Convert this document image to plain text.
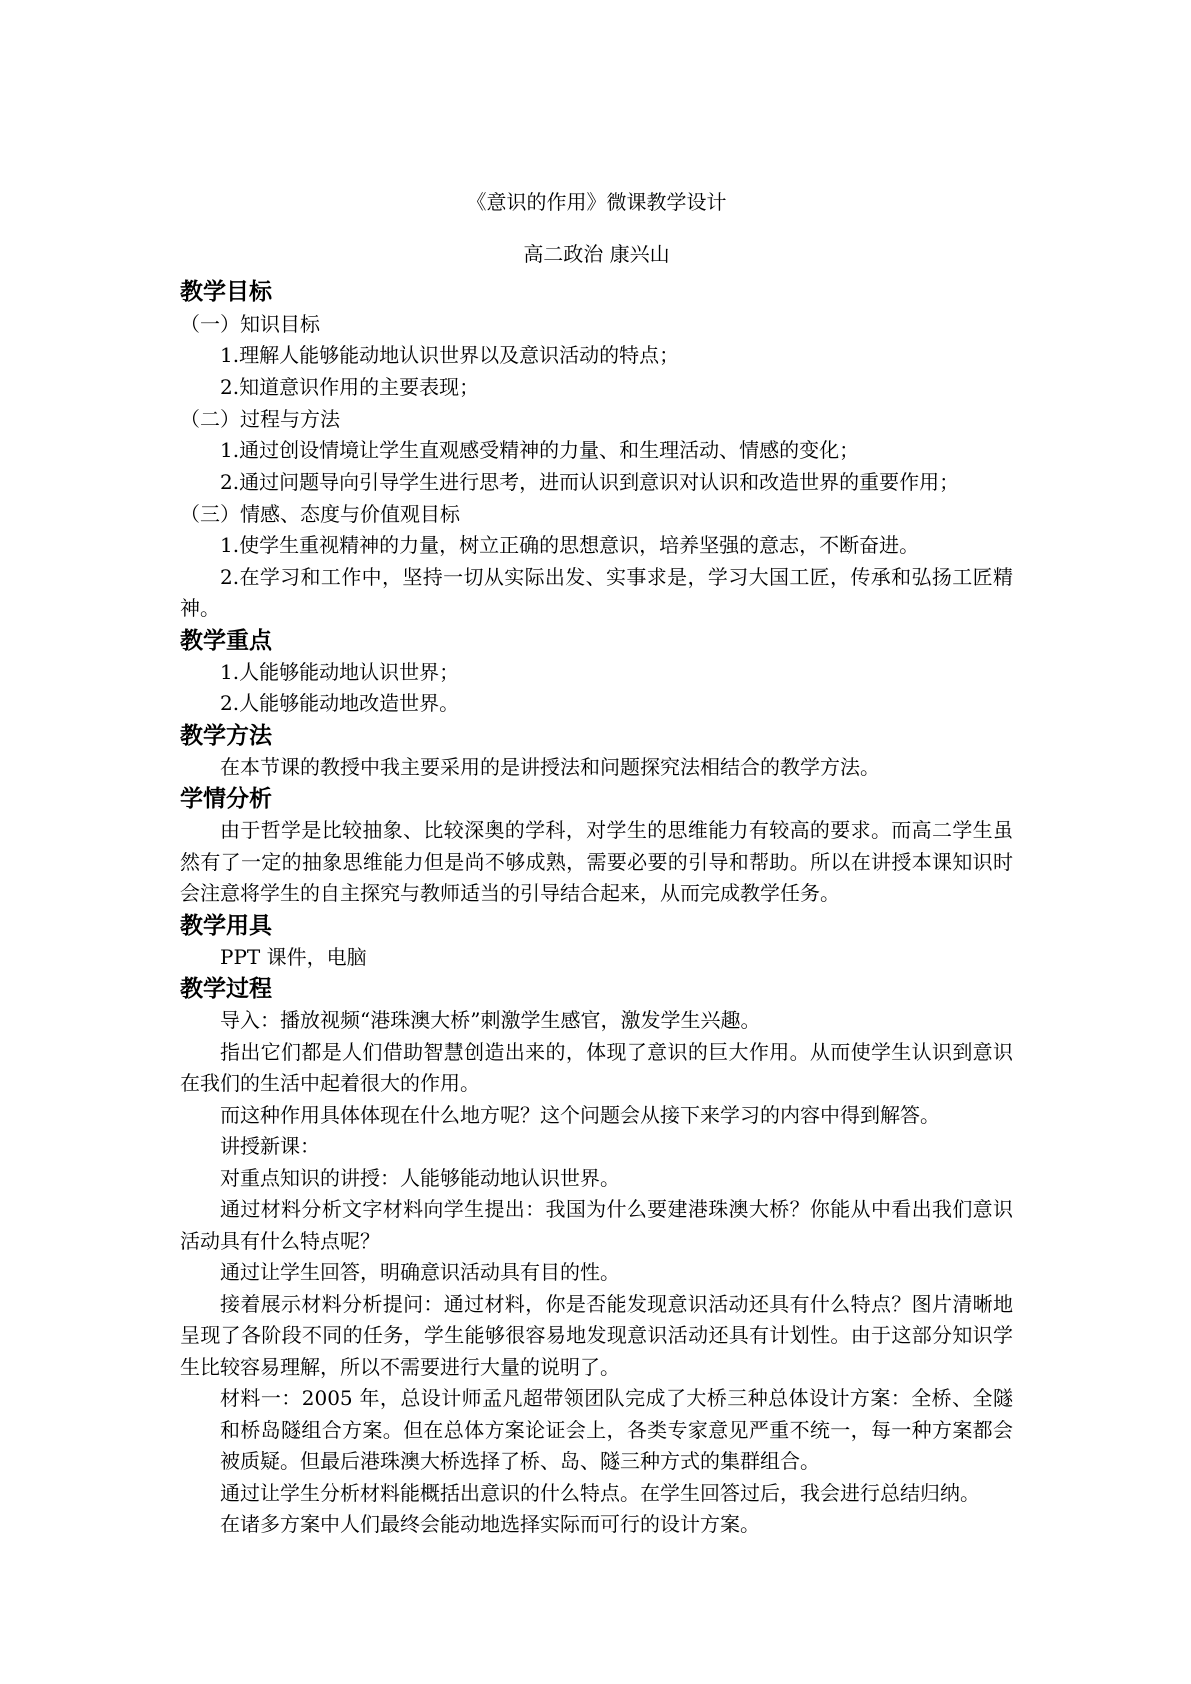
《意识的作用》微课教学设计

高二政治 康兴山

教学目标

（一）知识目标

1.理解人能够能动地认识世界以及意识活动的特点；

2.知道意识作用的主要表现；

（二）过程与方法

1.通过创设情境让学生直观感受精神的力量、和生理活动、情感的变化；

2.通过问题导向引导学生进行思考，进而认识到意识对认识和改造世界的重要作用；

（三）情感、态度与价值观目标

1.使学生重视精神的力量，树立正确的思想意识，培养坚强的意志，不断奋进。

2.在学习和工作中，坚持一切从实际出发、实事求是，学习大国工匠，传承和弘扬工匠精神。

教学重点

1.人能够能动地认识世界；

2.人能够能动地改造世界。

教学方法

在本节课的教授中我主要采用的是讲授法和问题探究法相结合的教学方法。

学情分析

由于哲学是比较抽象、比较深奥的学科，对学生的思维能力有较高的要求。而高二学生虽然有了一定的抽象思维能力但是尚不够成熟，需要必要的引导和帮助。所以在讲授本课知识时会注意将学生的自主探究与教师适当的引导结合起来，从而完成教学任务。

教学用具

PPT 课件，电脑

教学过程

导入：播放视频“港珠澳大桥”刺激学生感官，激发学生兴趣。

指出它们都是人们借助智慧创造出来的，体现了意识的巨大作用。从而使学生认识到意识在我们的生活中起着很大的作用。

而这种作用具体体现在什么地方呢？这个问题会从接下来学习的内容中得到解答。

讲授新课：

对重点知识的讲授：人能够能动地认识世界。

通过材料分析文字材料向学生提出：我国为什么要建港珠澳大桥？你能从中看出我们意识活动具有什么特点呢？

通过让学生回答，明确意识活动具有目的性。

接着展示材料分析提问：通过材料，你是否能发现意识活动还具有什么特点？图片清晰地呈现了各阶段不同的任务，学生能够很容易地发现意识活动还具有计划性。由于这部分知识学生比较容易理解，所以不需要进行大量的说明了。

材料一：2005 年，总设计师孟凡超带领团队完成了大桥三种总体设计方案：全桥、全隧和桥岛隧组合方案。但在总体方案论证会上，各类专家意见严重不统一，每一种方案都会被质疑。但最后港珠澳大桥选择了桥、岛、隧三种方式的集群组合。

通过让学生分析材料能概括出意识的什么特点。在学生回答过后，我会进行总结归纳。

在诸多方案中人们最终会能动地选择实际而可行的设计方案。
